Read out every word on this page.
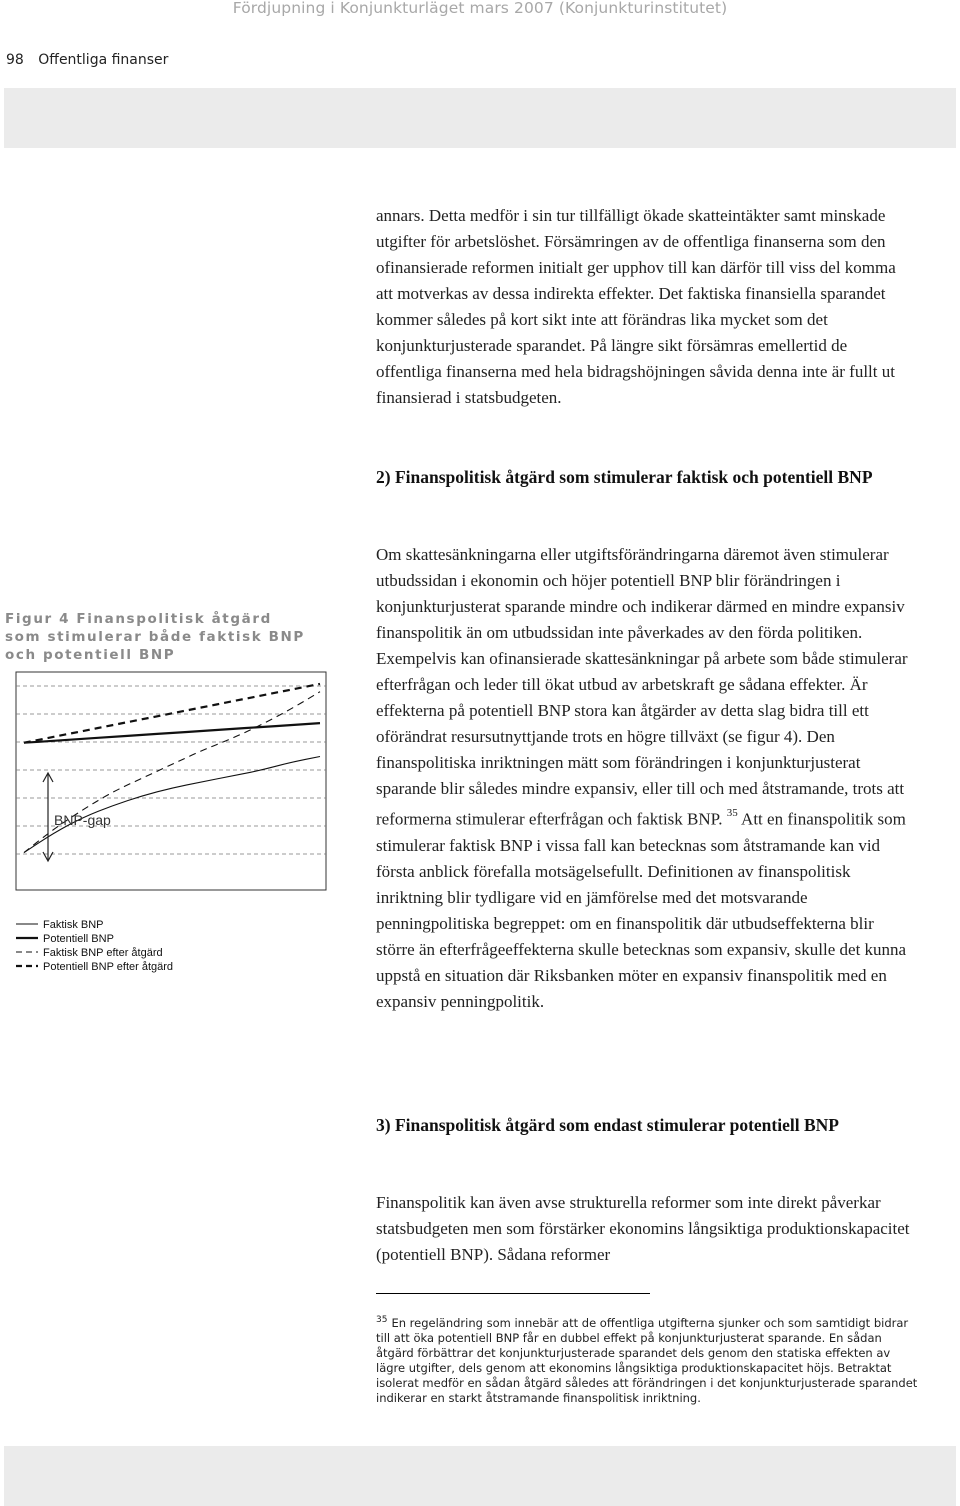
Fördjupning i Konjunkturläget mars 2007 (Konjunkturinstitutet)
98 Offentliga finanser

annars. Detta medför i sin tur tillfälligt ökade skatteintäkter samt minskade utgifter för arbetslöshet. Försämringen av de offentliga finanserna som den ofinansierade reformen initialt ger upphov till kan därför till viss del komma att motverkas av dessa indirekta effekter. Det faktiska finansiella sparandet kommer således på kort sikt inte att förändras lika mycket som det konjunkturjusterade sparandet. På längre sikt försämras emellertid de offentliga finanserna med hela bidragshöjningen såvida denna inte är fullt ut finansierad i statsbudgeten.

2) Finanspolitisk åtgärd som stimulerar faktisk och potentiell BNP

Om skattesänkningarna eller utgiftsförändringarna däremot även stimulerar utbudssidan i ekonomin och höjer potentiell BNP blir förändringen i konjunkturjusterat sparande mindre och indikerar därmed en mindre expansiv finanspolitik än om utbudssidan inte påverkades av den förda politiken. Exempelvis kan ofinansierade skattesänkningar på arbete som både stimulerar efterfrågan och leder till ökat utbud av arbetskraft ge sådana effekter. Är effekterna på potentiell BNP stora kan åtgärder av detta slag bidra till ett oförändrat resursutnyttjande trots en högre tillväxt (se figur 4). Den finanspolitiska inriktningen mätt som förändringen i konjunkturjusterat sparande blir således mindre expansiv, eller till och med åtstramande, trots att reformerna stimulerar efterfrågan och faktisk BNP. $^{35}$ Att en finanspolitik som stimulerar faktisk BNP i vissa fall kan betecknas som åtstramande kan vid första anblick förefalla motsägelsefullt. Definitionen av finanspolitisk inriktning blir tydligare vid en jämförelse med det motsvarande penningpolitiska begreppet: om en finanspolitik där utbudseffekterna blir större än efterfrågeeffekterna skulle betecknas som expansiv, skulle det kunna uppstå en situation där Riksbanken möter en expansiv finanspolitik med en expansiv penningpolitik.

Figur 4 Finanspolitisk åtgärd som stimulerar både faktisk BNP och potentiell BNP
BNP-gap
Faktisk BNP
Potentiell BNP
Faktisk BNP efter åtgärd
Potentiell BNP efter åtgärd

3) Finanspolitisk åtgärd som endast stimulerar potentiell BNP

Finanspolitik kan även avse strukturella reformer som inte direkt påverkar statsbudgeten men som förstärker ekonomins långsiktiga produktionskapacitet (potentiell BNP). Sådana reformer

$^{35}$ En regeländring som innebär att de offentliga utgifterna sjunker och som samtidigt bidrar till att öka potentiell BNP får en dubbel effekt på konjunkturjusterat sparande. En sådan åtgärd förbättrar det konjunkturjusterade sparandet dels genom den statiska effekten av lägre utgifter, dels genom att ekonomins långsiktiga produktionskapacitet höjs. Betraktat isolerat medför en sådan åtgärd således att förändringen i det konjunkturjusterade sparandet indikerar en starkt åtstramande finanspolitisk inriktning.
